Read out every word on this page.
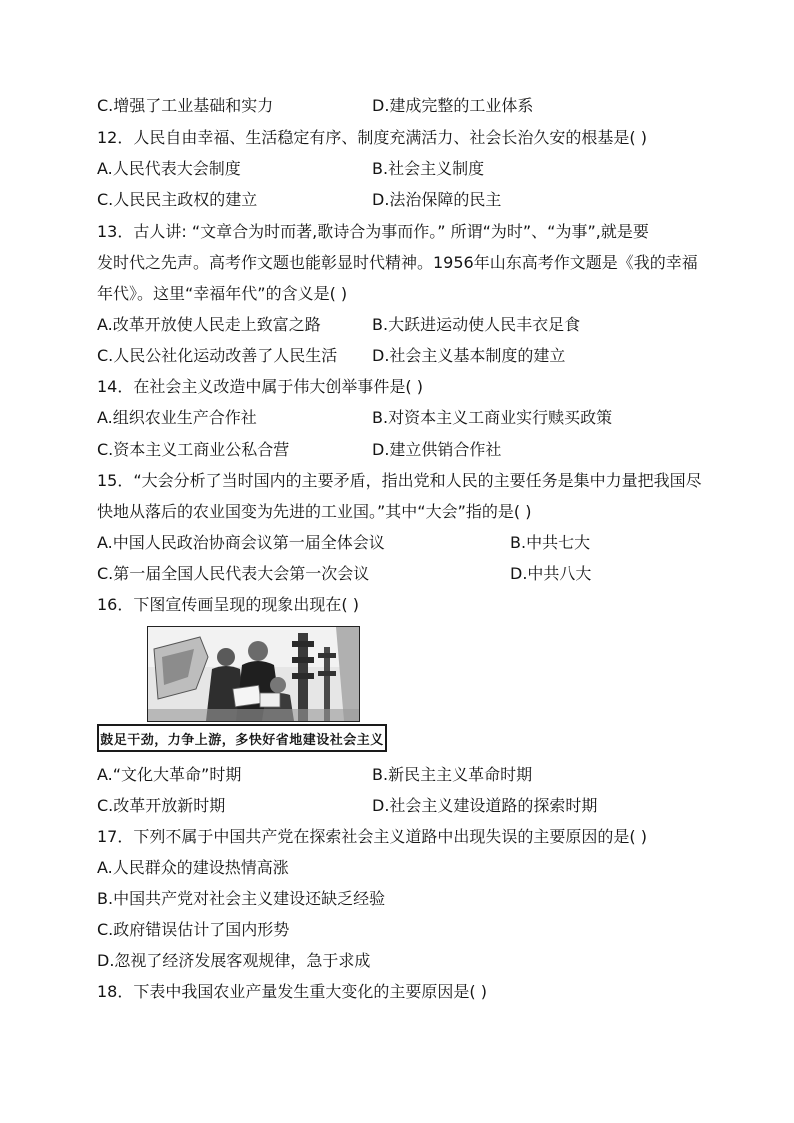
C.增强了工业基础和实力	D.建成完整的工业体系
12．人民自由幸福、生活稳定有序、制度充满活力、社会长治久安的根基是( )
A.人民代表大会制度	B.社会主义制度
C.人民民主政权的建立	D.法治保障的民主
13．古人讲: “文章合为时而著,歌诗合为事而作。” 所谓“为时”、“为事”,就是要
发时代之先声。高考作文题也能彰显时代精神。1956年山东高考作文题是《我的幸福
年代》。这里“幸福年代”的含义是( )
A.改革开放使人民走上致富之路	B.大跃进运动使人民丰衣足食
C.人民公社化运动改善了人民生活 D.社会主义基本制度的建立
14．在社会主义改造中属于伟大创举事件是( )
A.组织农业生产合作社	B.对资本主义工商业实行赎买政策
C.资本主义工商业公私合营	D.建立供销合作社
15．“大会分析了当时国内的主要矛盾，指出党和人民的主要任务是集中力量把我国尽
快地从落后的农业国变为先进的工业国。”其中“大会”指的是( )
A.中国人民政治协商会议第一届全体会议	B.中共七大
C.第一届全国人民代表大会第一次会议	D.中共八大
16．下图宣传画呈现的现象出现在( )
鼓足干劲，力争上游，多快好省地建设社会主义
A.“文化大革命”时期	B.新民主主义革命时期
C.改革开放新时期	D.社会主义建设道路的探索时期
17．下列不属于中国共产党在探索社会主义道路中出现失误的主要原因的是( )
A.人民群众的建设热情高涨
B.中国共产党对社会主义建设还缺乏经验
C.政府错误估计了国内形势
D.忽视了经济发展客观规律，急于求成
18．下表中我国农业产量发生重大变化的主要原因是( )
